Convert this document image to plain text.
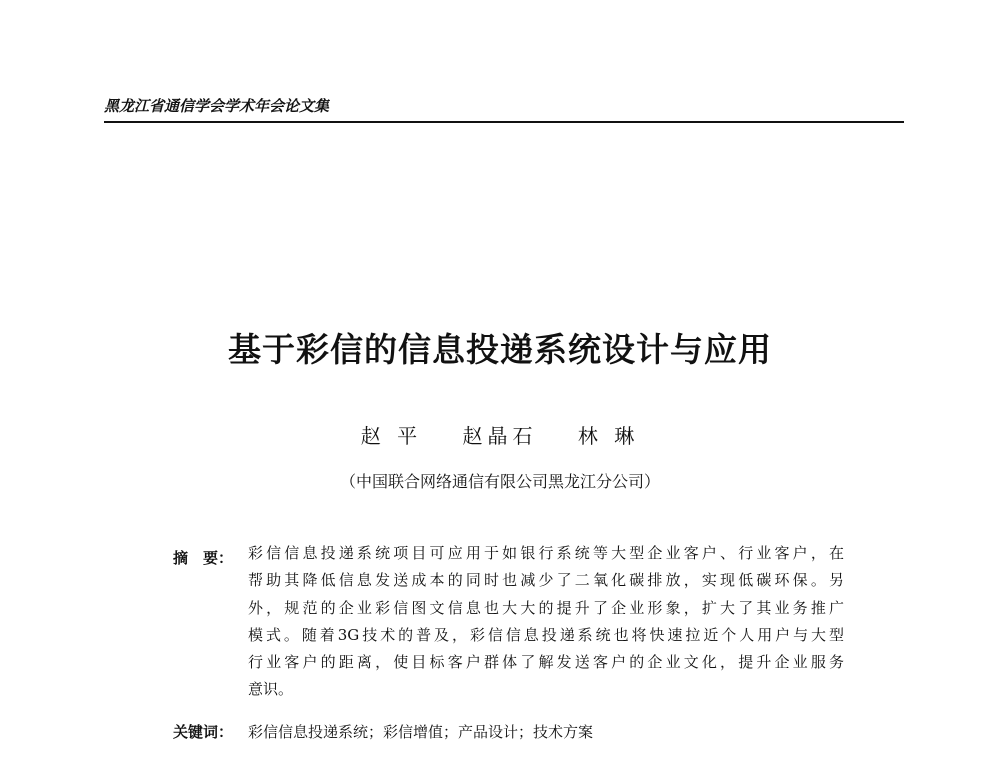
黑龙江省通信学会学术年会论文集
基于彩信的信息投递系统设计与应用
赵 平 赵晶石 林 琳
（中国联合网络通信有限公司黑龙江分公司）
摘　要： 彩信信息投递系统项目可应用于如银行系统等大型企业客户、行业客户，在
帮助其降低信息发送成本的同时也减少了二氧化碳排放，实现低碳环保。另
外，规范的企业彩信图文信息也大大的提升了企业形象，扩大了其业务推广
模式。随着3G技术的普及，彩信信息投递系统也将快速拉近个人用户与大型
行业客户的距离，使目标客户群体了解发送客户的企业文化，提升企业服务
意识。
关键词： 彩信信息投递系统；彩信增值；产品设计；技术方案
